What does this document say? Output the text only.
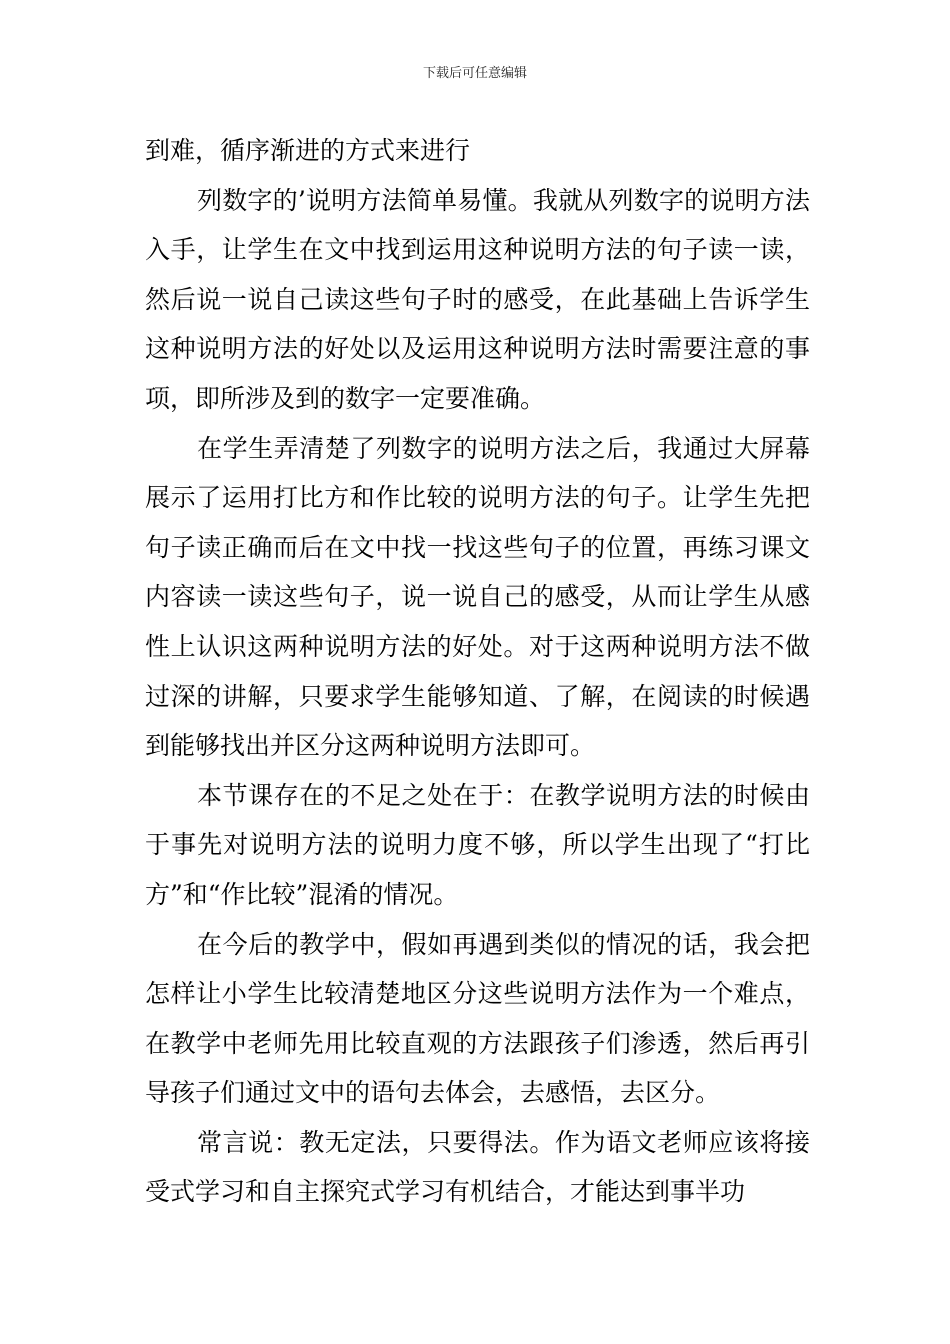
下载后可任意编辑

到难，循序渐进的方式来进行

列数字的’说明方法简单易懂。我就从列数字的说明方法入手，让学生在文中找到运用这种说明方法的句子读一读，然后说一说自己读这些句子时的感受，在此基础上告诉学生这种说明方法的好处以及运用这种说明方法时需要注意的事项，即所涉及到的数字一定要准确。

在学生弄清楚了列数字的说明方法之后，我通过大屏幕展示了运用打比方和作比较的说明方法的句子。让学生先把句子读正确而后在文中找一找这些句子的位置，再练习课文内容读一读这些句子，说一说自己的感受，从而让学生从感性上认识这两种说明方法的好处。对于这两种说明方法不做过深的讲解，只要求学生能够知道、了解，在阅读的时候遇到能够找出并区分这两种说明方法即可。

本节课存在的不足之处在于：在教学说明方法的时候由于事先对说明方法的说明力度不够，所以学生出现了“打比方”和“作比较”混淆的情况。

在今后的教学中，假如再遇到类似的情况的话，我会把怎样让小学生比较清楚地区分这些说明方法作为一个难点，在教学中老师先用比较直观的方法跟孩子们渗透，然后再引导孩子们通过文中的语句去体会，去感悟，去区分。

常言说：教无定法，只要得法。作为语文老师应该将接受式学习和自主探究式学习有机结合，才能达到事半功
